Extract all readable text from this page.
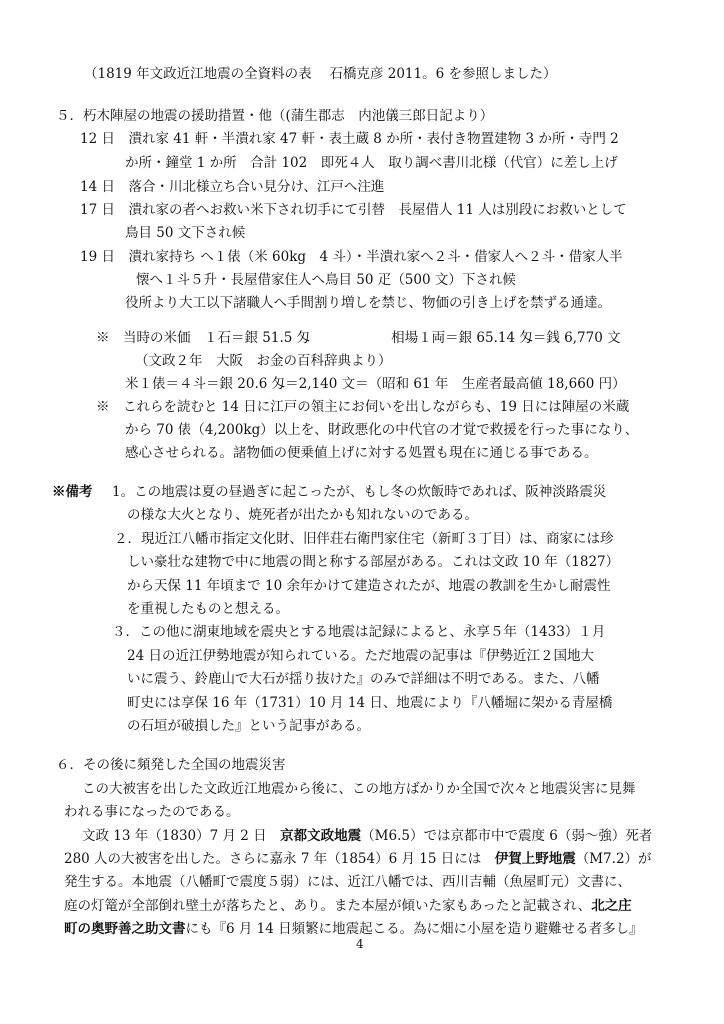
（1819 年文政近江地震の全資料の表　 石橋克彦 2011。6 を参照しました）
５．朽木陣屋の地震の援助措置・他（(蒲生郡志　内池儀三郎日記より）
12 日　潰れ家 41 軒・半潰れ家 47 軒・表土蔵 8 か所・表付き物置建物 3 か所・寺門 2
か所・鐘堂 1 か所　合計 102　即死４人　取り調べ書川北様（代官）に差し上げ
14 日　落合・川北様立ち合い見分け、江戸へ注進
17 日　潰れ家の者へお救い米下され切手にて引替　長屋借人 11 人は別段にお救いとして
鳥目 50 文下され候
19 日　潰れ家持ち へ１俵（米 60kg　4 斗）・半潰れ家へ２斗・借家人へ２斗・借家人半
懐へ１斗５升・長屋借家住人へ鳥目 50 疋（500 文）下され候
役所より大工以下諸職人へ手間割り増しを禁じ、物価の引き上げを禁ずる通達。
※　当時の米価　１石＝銀 51.5 匁　　　　　　相場１両＝銀 65.14 匁＝銭 6,770 文
（文政２年　大阪　お金の百科辞典より）
米１俵＝４斗＝銀 20.6 匁＝2,140 文＝（昭和 61 年　生産者最高値 18,660 円）
※　これらを読むと 14 日に江戸の領主にお伺いを出しながらも、19 日には陣屋の米蔵
から 70 俵（4,200kg）以上を、財政悪化の中代官の才覚で救援を行った事になり、
感心させられる。諸物価の便乗値上げに対する処置も現在に通じる事である。
※備考 1。この地震は夏の昼過ぎに起こったが、もし冬の炊飯時であれば、阪神淡路震災
の様な大火となり、焼死者が出たかも知れないのである。
２．現近江八幡市指定文化財、旧伴荘右衛門家住宅（新町３丁目）は、商家には珍
しい豪壮な建物で中に地震の間と称する部屋がある。これは文政 10 年（1827）
から天保 11 年頃まで 10 余年かけて建造されたが、地震の教訓を生かし耐震性
を重視したものと想える。
３．この他に湖東地域を震央とする地震は記録によると、永享５年（1433）１月
24 日の近江伊勢地震が知られている。ただ地震の記事は『伊勢近江２国地大
いに震う、鈴鹿山で大石が揺り抜けた』のみで詳細は不明である。また、八幡
町史には享保 16 年（1731）10 月 14 日、地震により『八幡堀に架かる青屋橋
の石垣が破損した』という記事がある。
６．その後に頻発した全国の地震災害
この大被害を出した文政近江地震から後に、この地方ばかりか全国で次々と地震災害に見舞
われる事になったのである。
文政 13 年（1830）7 月 2 日　京都文政地震（M6.5）では京都市中で震度 6（弱～強）死者
280 人の大被害を出した。さらに嘉永 7 年（1854）6 月 15 日には　伊賀上野地震（M7.2）が
発生する。本地震（八幡町で震度５弱）には、近江八幡では、西川吉輔（魚屋町元）文書に、
庭の灯篭が全部倒れ壁土が落ちたと、あり。また本屋が傾いた家もあったと記載され、北之庄
町の奥野善之助文書にも『6 月 14 日頻繁に地震起こる。為に畑に小屋を造り避難せる者多し』
4
